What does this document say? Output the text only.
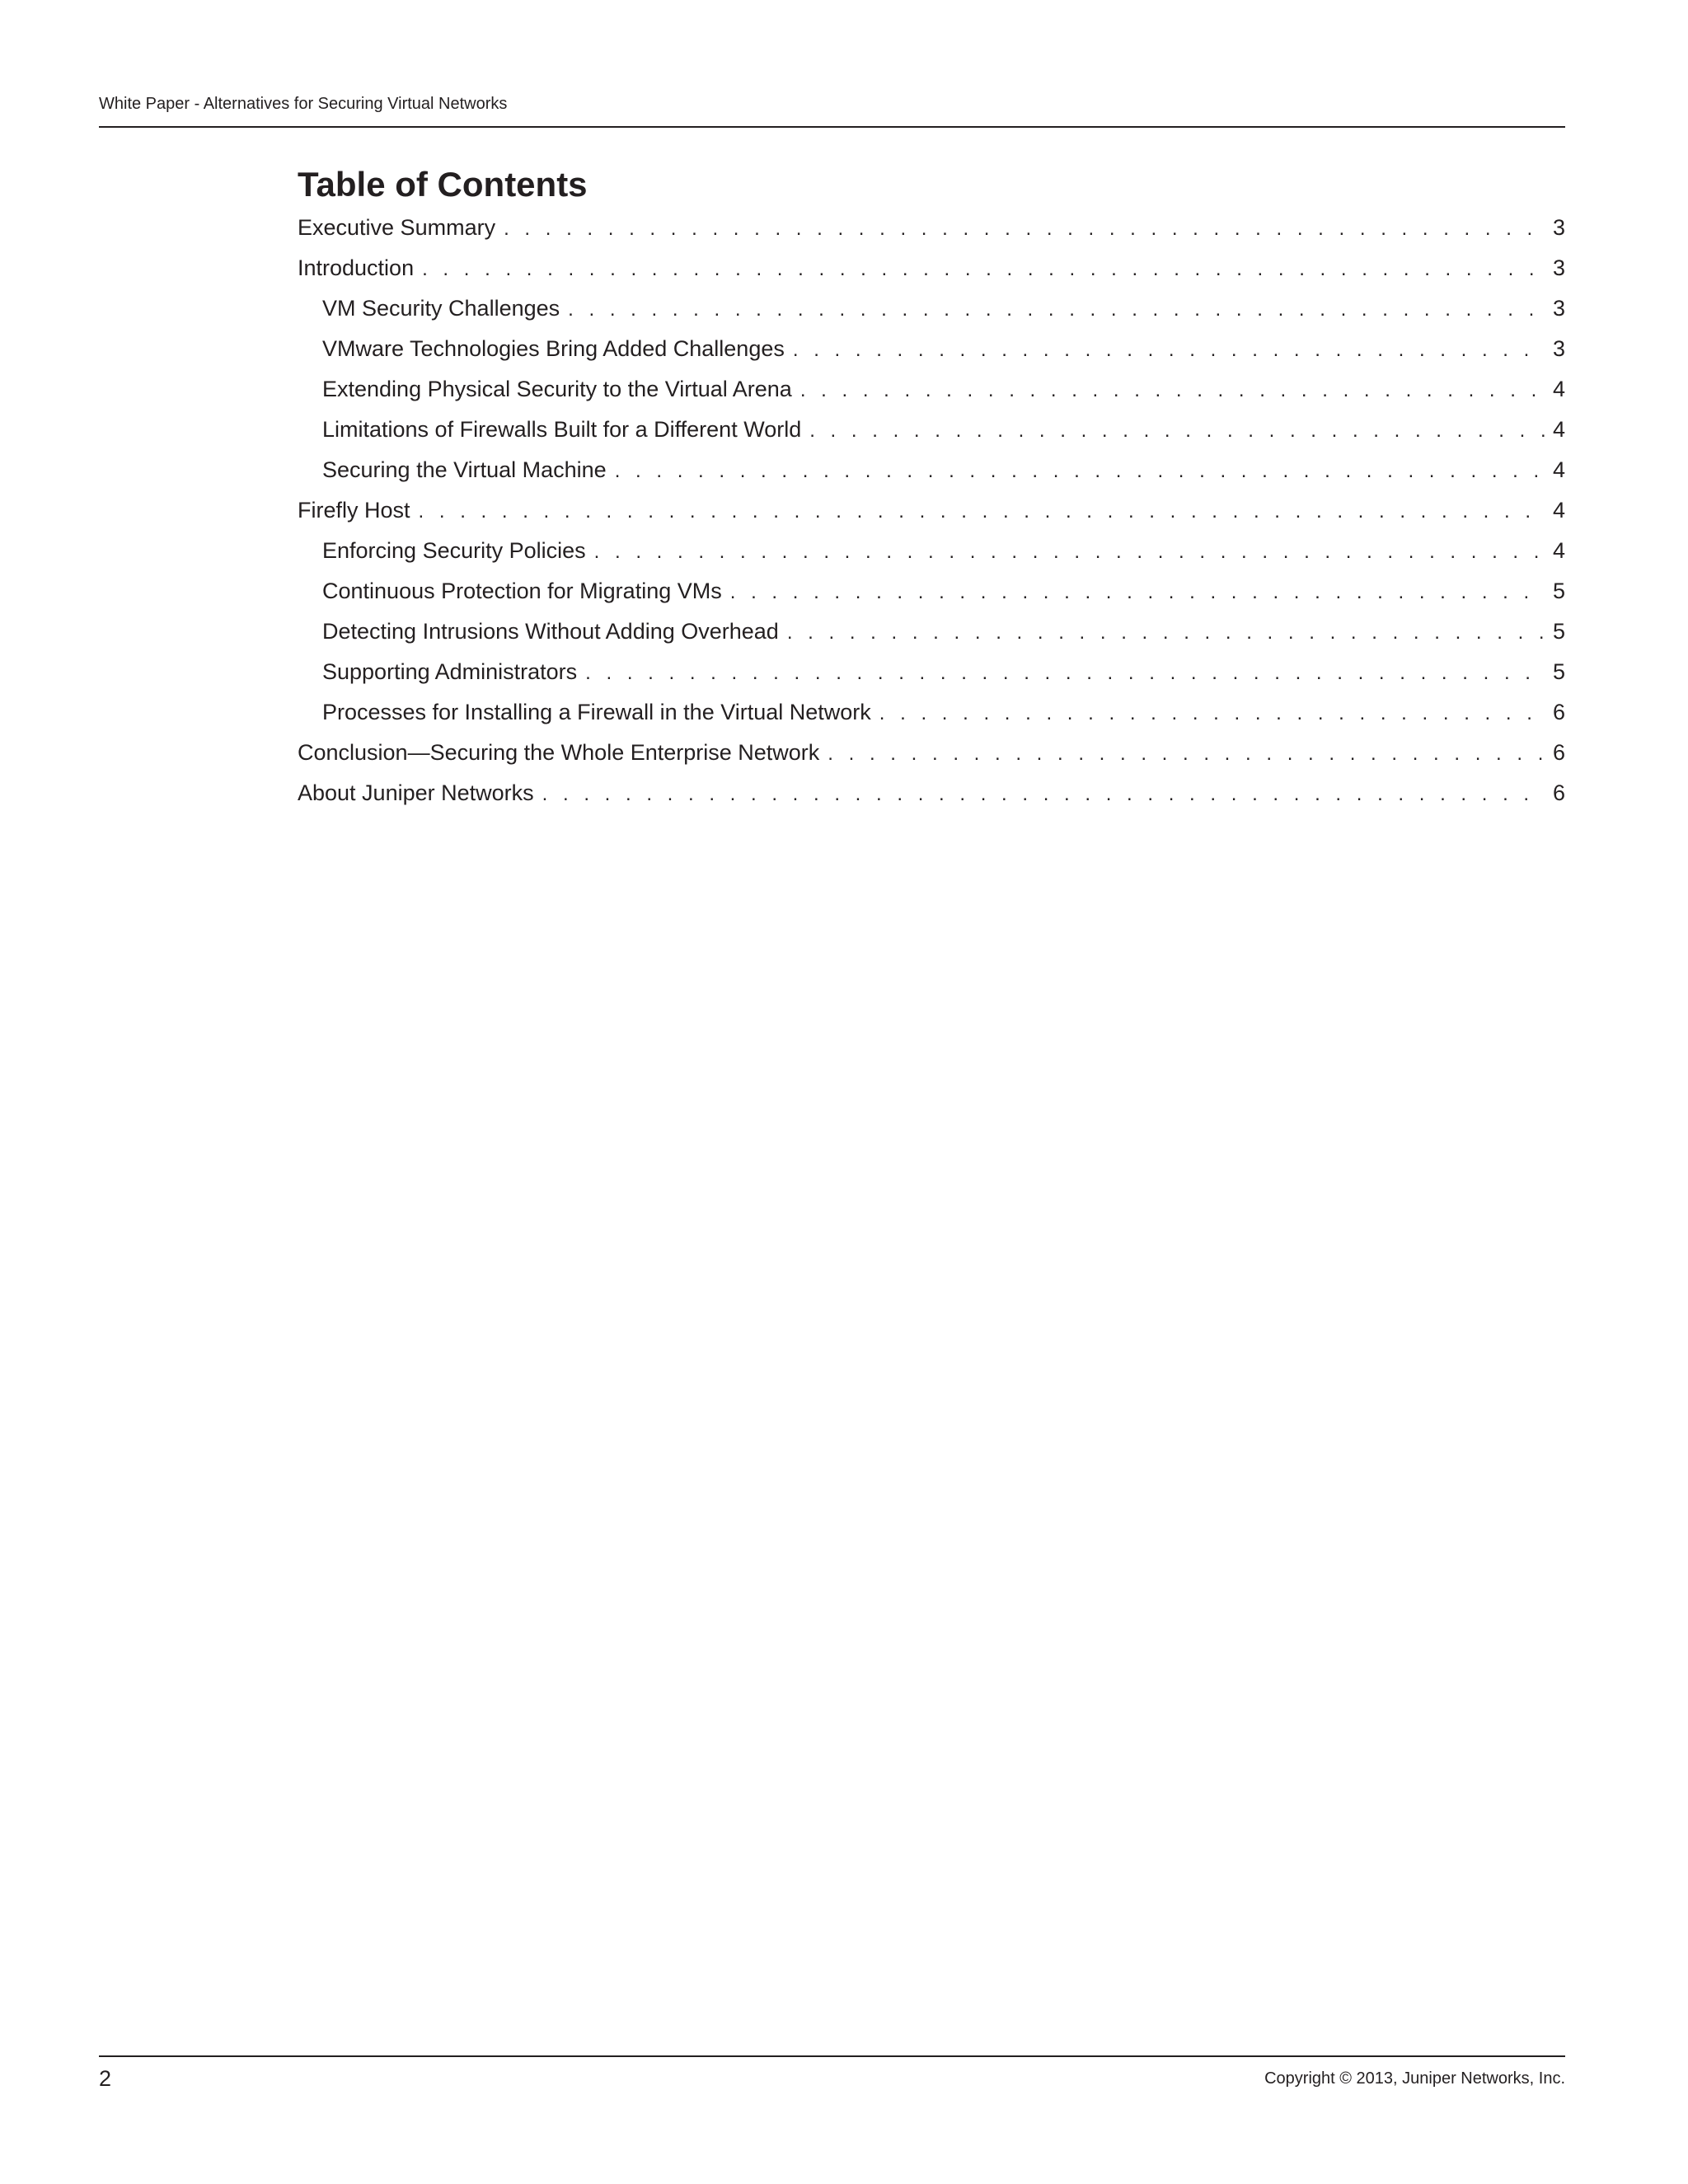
White Paper - Alternatives for Securing Virtual Networks
Table of Contents
Executive Summary . . .	3
Introduction . . .	3
VM Security Challenges . . .	3
VMware Technologies Bring Added Challenges . . .	3
Extending Physical Security to the Virtual Arena . . .	4
Limitations of Firewalls Built for a Different World . . .	4
Securing the Virtual Machine . . .	4
Firefly Host . . .	4
Enforcing Security Policies . . .	4
Continuous Protection for Migrating VMs . . .	5
Detecting Intrusions Without Adding Overhead . . .	5
Supporting Administrators . . .	5
Processes for Installing a Firewall in the Virtual Network . . .	6
Conclusion—Securing the Whole Enterprise Network . . .	6
About Juniper Networks . . .	6
2	Copyright © 2013, Juniper Networks, Inc.
